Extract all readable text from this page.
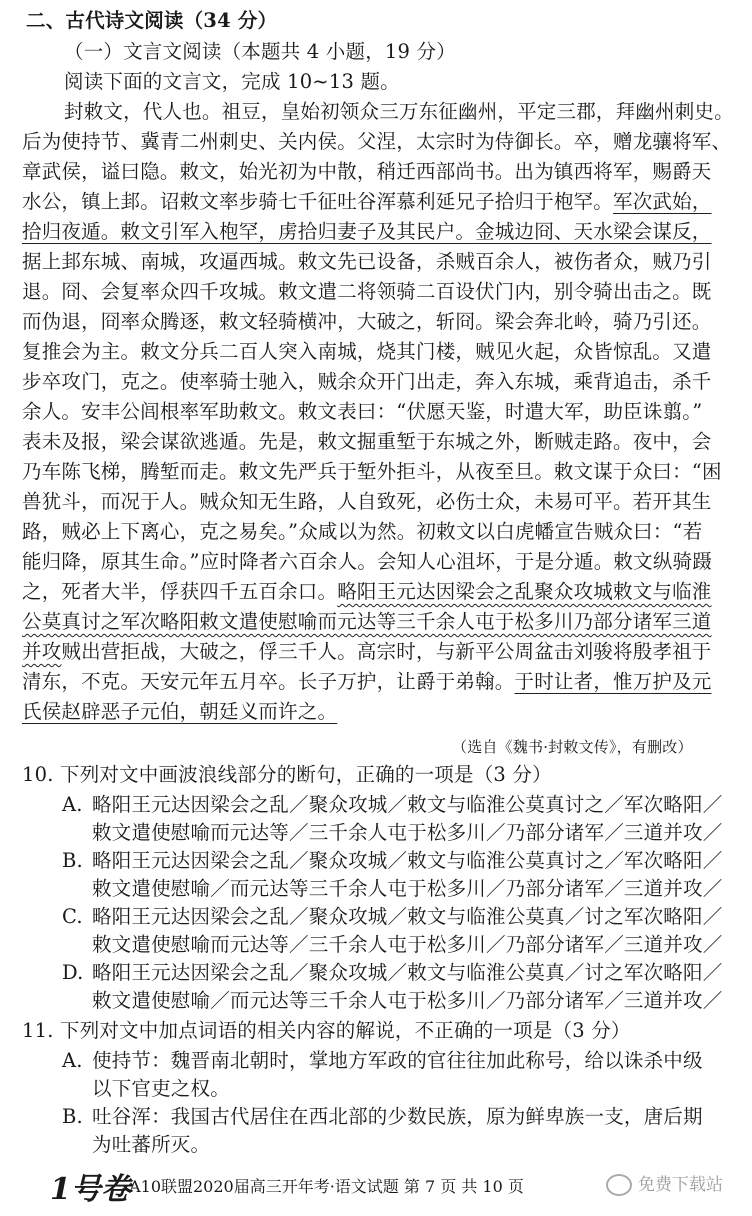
二、古代诗文阅读（34 分）
（一）文言文阅读（本题共 4 小题，19 分）
阅读下面的文言文，完成 10~13 题。
封敕文，代人也。祖豆，皇始初领众三万东征幽州，平定三郡，拜幽州刺史。
后为使持节、冀青二州刺史、关内侯。父涅，太宗时为侍御长。卒，赠龙骧将军、
章武侯，谥曰隐。敕文，始光初为中散，稍迁西部尚书。出为镇西将军，赐爵天
水公，镇上邽。诏敕文率步骑七千征吐谷浑慕利延兄子拾归于枹罕。军次武始，
拾归夜遁。敕文引军入枹罕，虏拾归妻子及其民户。金城边冏、天水梁会谋反，
据上邽东城、南城，攻逼西城。敕文先已设备，杀贼百余人，被伤者众，贼乃引
退。冏、会复率众四千攻城。敕文遣二将领骑二百设伏门内，别令骑出击之。既
而伪退，冏率众腾逐，敕文轻骑横冲，大破之，斩冏。梁会奔北岭，骑乃引还。
复推会为主。敕文分兵二百人突入南城，烧其门楼，贼见火起，众皆惊乱。又遣
步卒攻门，克之。使率骑士驰入，贼余众开门出走，奔入东城，乘背追击，杀千
余人。安丰公闾根率军助敕文。敕文表曰：“伏愿天鉴，时遣大军，助臣诛翦。”
表未及报，梁会谋欲逃遁。先是，敕文掘重堑于东城之外，断贼走路。夜中，会
乃车陈飞梯，腾堑而走。敕文先严兵于堑外拒斗，从夜至旦。敕文谋于众曰：“困
兽犹斗，而况于人。贼众知无生路，人自致死，必伤士众，未易可平。若开其生
路，贼必上下离心，克之易矣。”众咸以为然。初敕文以白虎幡宣告贼众曰：“若
能归降，原其生命。”应时降者六百余人。会知人心沮坏，于是分遁。敕文纵骑蹑
之，死者大半，俘获四千五百余口。略阳王元达因梁会之乱聚众攻城敕文与临淮
公莫真讨之军次略阳敕文遣使慰喻而元达等三千余人屯于松多川乃部分诸军三道
并攻贼出营拒战，大破之，俘三千人。高宗时，与新平公周盆击刘骏将殷孝祖于
清东，不克。天安元年五月卒。长子万护，让爵于弟翰。于时让者，惟万护及元
氏侯赵辟恶子元伯，朝廷义而许之。
（选自《魏书·封敕文传》，有删改）
10. 下列对文中画波浪线部分的断句，正确的一项是（3 分）
A. 略阳王元达因梁会之乱／聚众攻城／敕文与临淮公莫真讨之／军次略阳／
敕文遣使慰喻而元达等／三千余人屯于松多川／乃部分诸军／三道并攻／
B. 略阳王元达因梁会之乱／聚众攻城／敕文与临淮公莫真讨之／军次略阳／
敕文遣使慰喻／而元达等三千余人屯于松多川／乃部分诸军／三道并攻／
C. 略阳王元达因梁会之乱／聚众攻城／敕文与临淮公莫真／讨之军次略阳／
敕文遣使慰喻而元达等／三千余人屯于松多川／乃部分诸军／三道并攻／
D. 略阳王元达因梁会之乱／聚众攻城／敕文与临淮公莫真／讨之军次略阳／
敕文遣使慰喻／而元达等三千余人屯于松多川／乃部分诸军／三道并攻／
11. 下列对文中加点词语的相关内容的解说，不正确的一项是（3 分）
A. 使持节：魏晋南北朝时，掌地方军政的官往往加此称号，给以诛杀中级
以下官吏之权。
B. 吐谷浑：我国古代居住在西北部的少数民族，原为鲜卑族一支，唐后期
为吐蕃所灭。
1号卷
·A10联盟2020届高三开年考·语文试题 第 7 页 共 10 页	免费下载站
